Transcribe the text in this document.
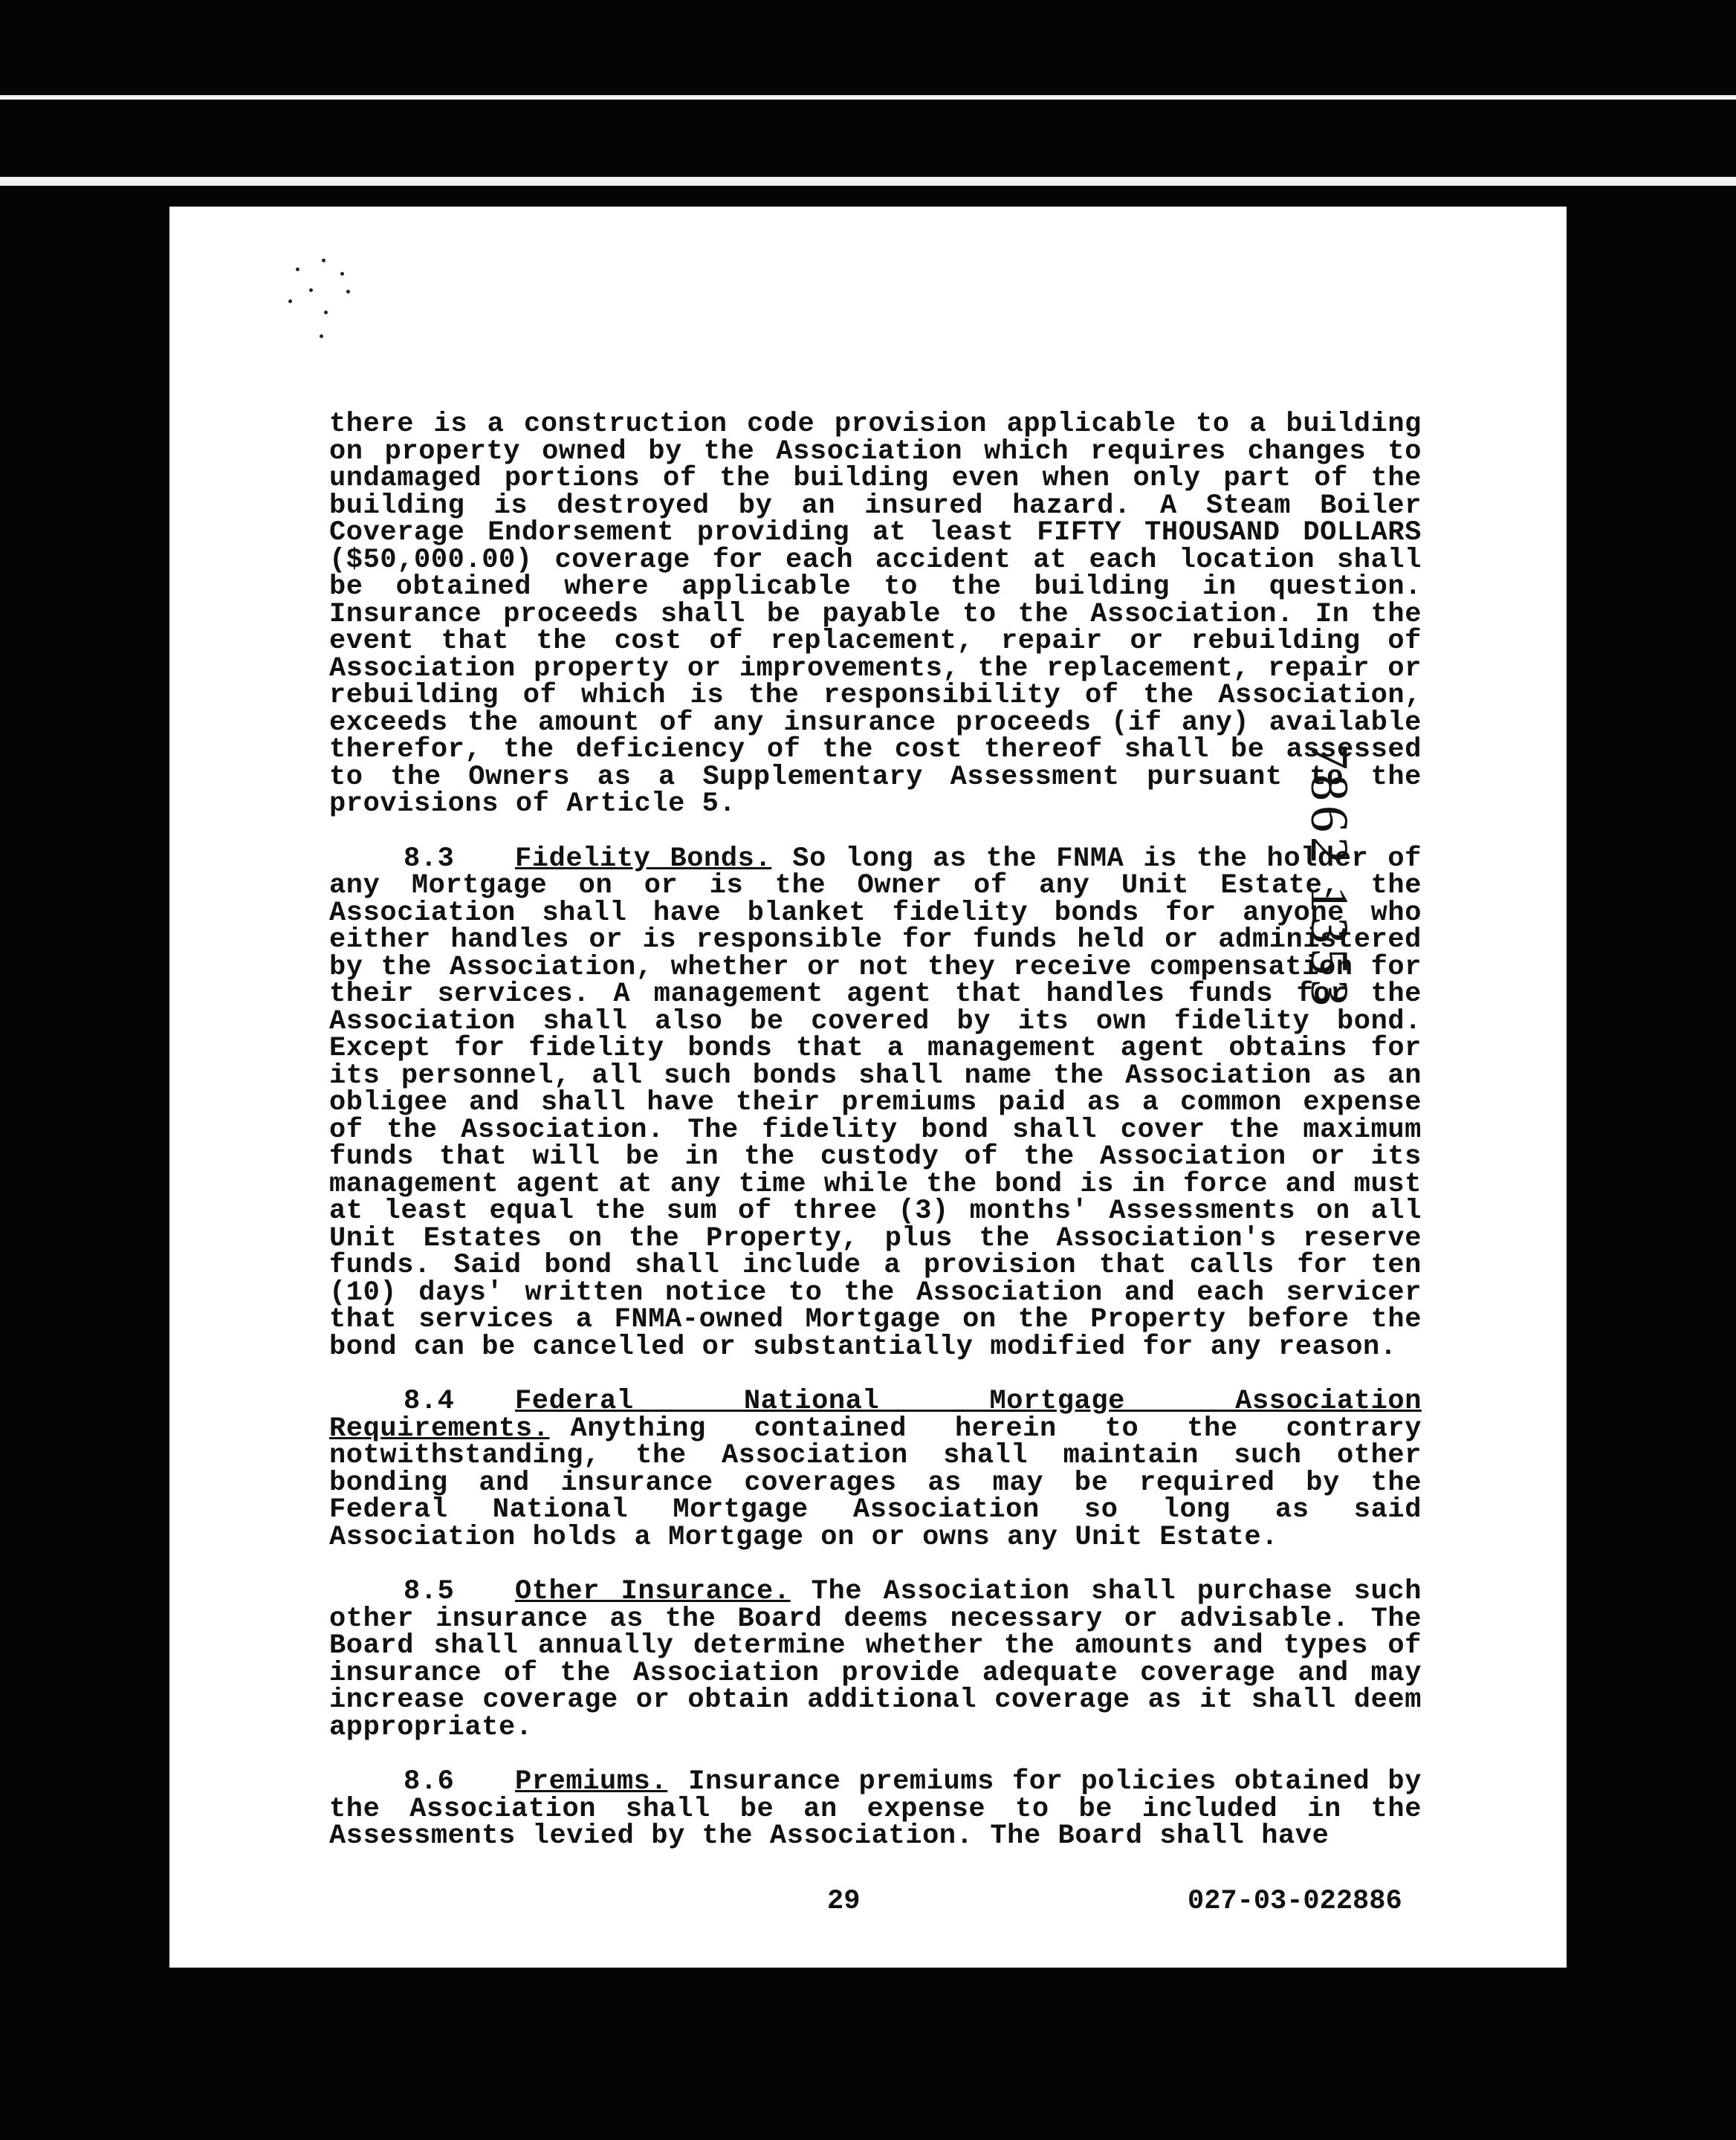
there is a construction code provision applicable to a building on property owned by the Association which requires changes to undamaged portions of the building even when only part of the building is destroyed by an insured hazard. A Steam Boiler Coverage Endorsement providing at least FIFTY THOUSAND DOLLARS ($50,000.00) coverage for each accident at each location shall be obtained where applicable to the building in question. Insurance proceeds shall be payable to the Association. In the event that the cost of replacement, repair or rebuilding of Association property or improvements, the replacement, repair or rebuilding of which is the responsibility of the Association, exceeds the amount of any insurance proceeds (if any) available therefor, the deficiency of the cost thereof shall be assessed to the Owners as a Supplementary Assessment pursuant to the provisions of Article 5.

8.3 Fidelity Bonds. So long as the FNMA is the holder of any Mortgage on or is the Owner of any Unit Estate, the Association shall have blanket fidelity bonds for anyone who either handles or is responsible for funds held or administered by the Association, whether or not they receive compensation for their services. A management agent that handles funds for the Association shall also be covered by its own fidelity bond. Except for fidelity bonds that a management agent obtains for its personnel, all such bonds shall name the Association as an obligee and shall have their premiums paid as a common expense of the Association. The fidelity bond shall cover the maximum funds that will be in the custody of the Association or its management agent at any time while the bond is in force and must at least equal the sum of three (3) months' Assessments on all Unit Estates on the Property, plus the Association's reserve funds. Said bond shall include a provision that calls for ten (10) days' written notice to the Association and each servicer that services a FNMA-owned Mortgage on the Property before the bond can be cancelled or substantially modified for any reason.

8.4 Federal National Mortgage Association Requirements. Anything contained herein to the contrary notwithstanding, the Association shall maintain such other bonding and insurance coverages as may be required by the Federal National Mortgage Association so long as said Association holds a Mortgage on or owns any Unit Estate.

8.5 Other Insurance. The Association shall purchase such other insurance as the Board deems necessary or advisable. The Board shall annually determine whether the amounts and types of insurance of the Association provide adequate coverage and may increase coverage or obtain additional coverage as it shall deem appropriate.

8.6 Premiums. Insurance premiums for policies obtained by the Association shall be an expense to be included in the Assessments levied by the Association. The Board shall have

29	027-03-022886
7862 1353
